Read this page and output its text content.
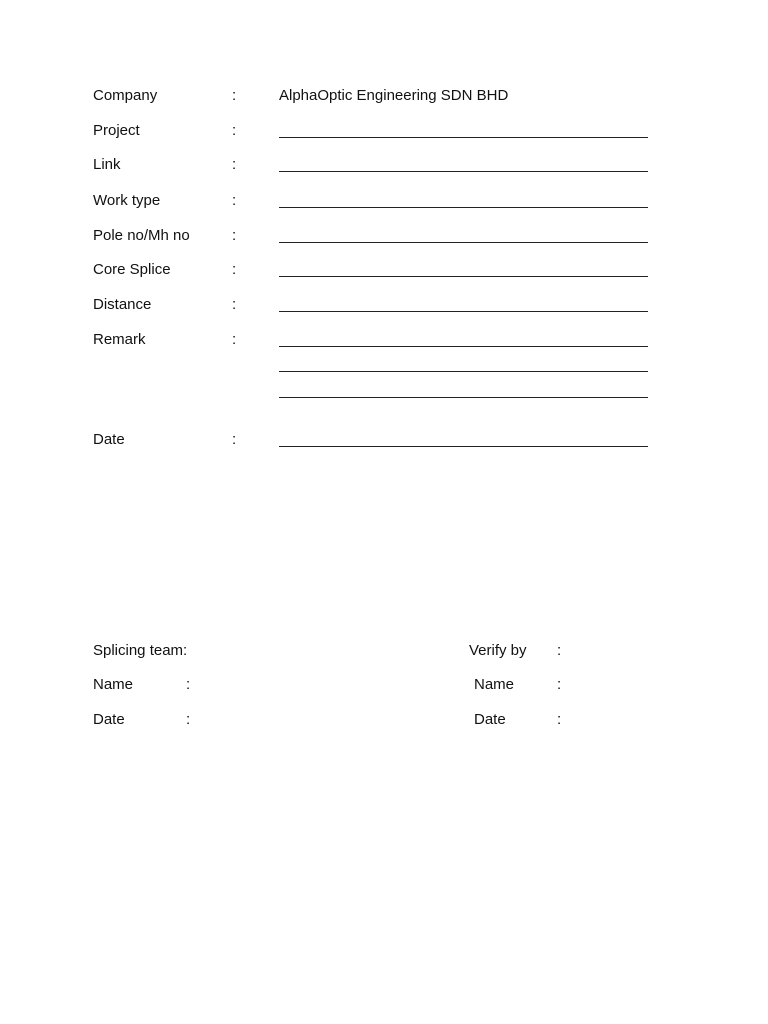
Company	:	AlphaOptic Engineering SDN BHD
Project	:
Link	:
Work type	:
Pole no/Mh no	:
Core Splice	:
Distance	:
Remark	:
Date	:
Splicing team:
Name	:
Date	:
Verify by :
Name	:
Date	:
